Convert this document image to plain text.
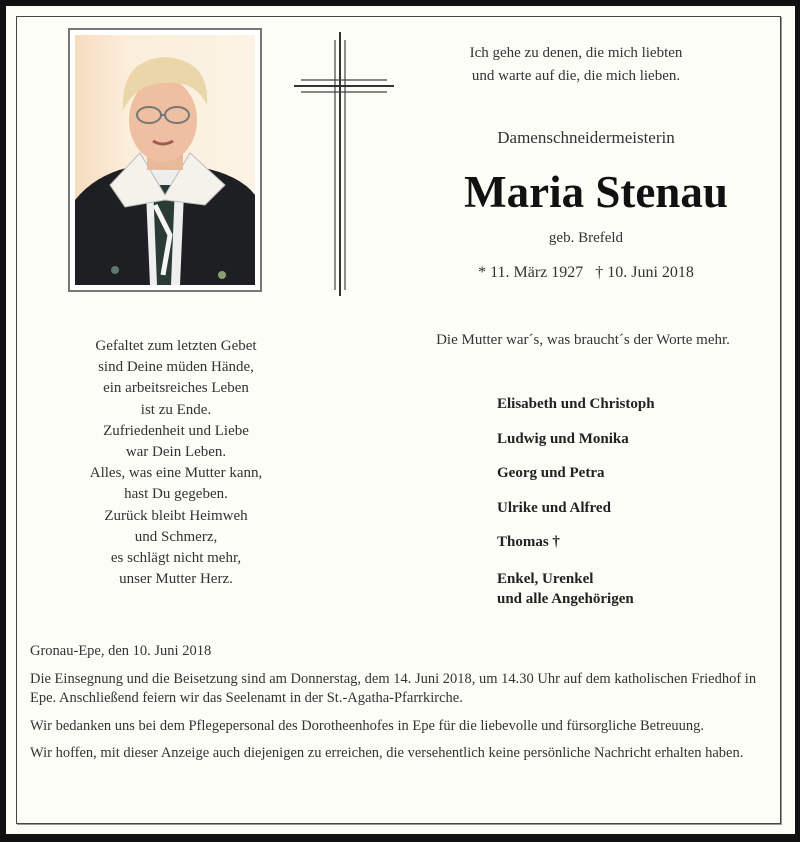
Ich gehe zu denen, die mich liebten
und warte auf die, die mich lieben.
Damenschneidermeisterin
Maria Stenau
geb. Brefeld
* 11. März 1927   † 10. Juni 2018
Gefaltet zum letzten Gebet
sind Deine müden Hände,
ein arbeitsreiches Leben
ist zu Ende.
Zufriedenheit und Liebe
war Dein Leben.
Alles, was eine Mutter kann,
hast Du gegeben.
Zurück bleibt Heimweh
und Schmerz,
es schlägt nicht mehr,
unser Mutter Herz.
Die Mutter war´s, was braucht´s der Worte mehr.
Elisabeth und Christoph
Ludwig und Monika
Georg und Petra
Ulrike und Alfred
Thomas †
Enkel, Urenkel
und alle Angehörigen

Gronau-Epe, den 10. Juni 2018

Die Einsegnung und die Beisetzung sind am Donnerstag, dem 14. Juni 2018, um 14.30 Uhr auf dem katholischen Friedhof in Epe. Anschließend feiern wir das Seelenamt in der St.-Agatha-Pfarrkirche.

Wir bedanken uns bei dem Pflegepersonal des Dorotheenhofes in Epe für die liebevolle und fürsorgliche Betreuung.

Wir hoffen, mit dieser Anzeige auch diejenigen zu erreichen, die versehentlich keine persönliche Nachricht erhalten haben.
